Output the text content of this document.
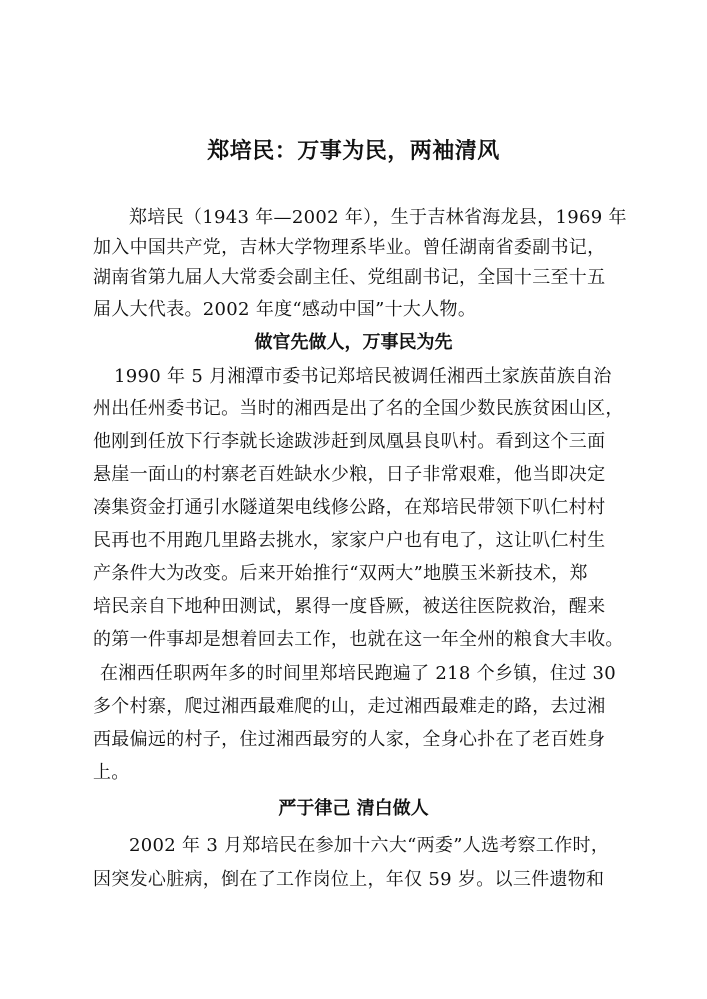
郑培民：万事为民，两袖清风
郑培民（1943 年—2002 年），生于吉林省海龙县，1969 年
加入中国共产党，吉林大学物理系毕业。曾任湖南省委副书记，
湖南省第九届人大常委会副主任、党组副书记，全国十三至十五
届人大代表。2002 年度“感动中国”十大人物。
做官先做人，万事民为先
1990 年 5 月湘潭市委书记郑培民被调任湘西土家族苗族自治
州出任州委书记。当时的湘西是出了名的全国少数民族贫困山区，
他刚到任放下行李就长途跋涉赶到凤凰县良叭村。看到这个三面
悬崖一面山的村寨老百姓缺水少粮，日子非常艰难，他当即决定
凑集资金打通引水隧道架电线修公路，在郑培民带领下叭仁村村
民再也不用跑几里路去挑水，家家户户也有电了，这让叭仁村生
产条件大为改变。后来开始推行“双两大”地膜玉米新技术，郑
培民亲自下地种田测试，累得一度昏厥，被送往医院救治，醒来
的第一件事却是想着回去工作，也就在这一年全州的粮食大丰收。
在湘西任职两年多的时间里郑培民跑遍了 218 个乡镇，住过 30
多个村寨，爬过湘西最难爬的山，走过湘西最难走的路，去过湘
西最偏远的村子，住过湘西最穷的人家，全身心扑在了老百姓身
上。
严于律己 清白做人
2002 年 3 月郑培民在参加十六大“两委”人选考察工作时，
因突发心脏病，倒在了工作岗位上，年仅 59 岁。以三件遗物和
